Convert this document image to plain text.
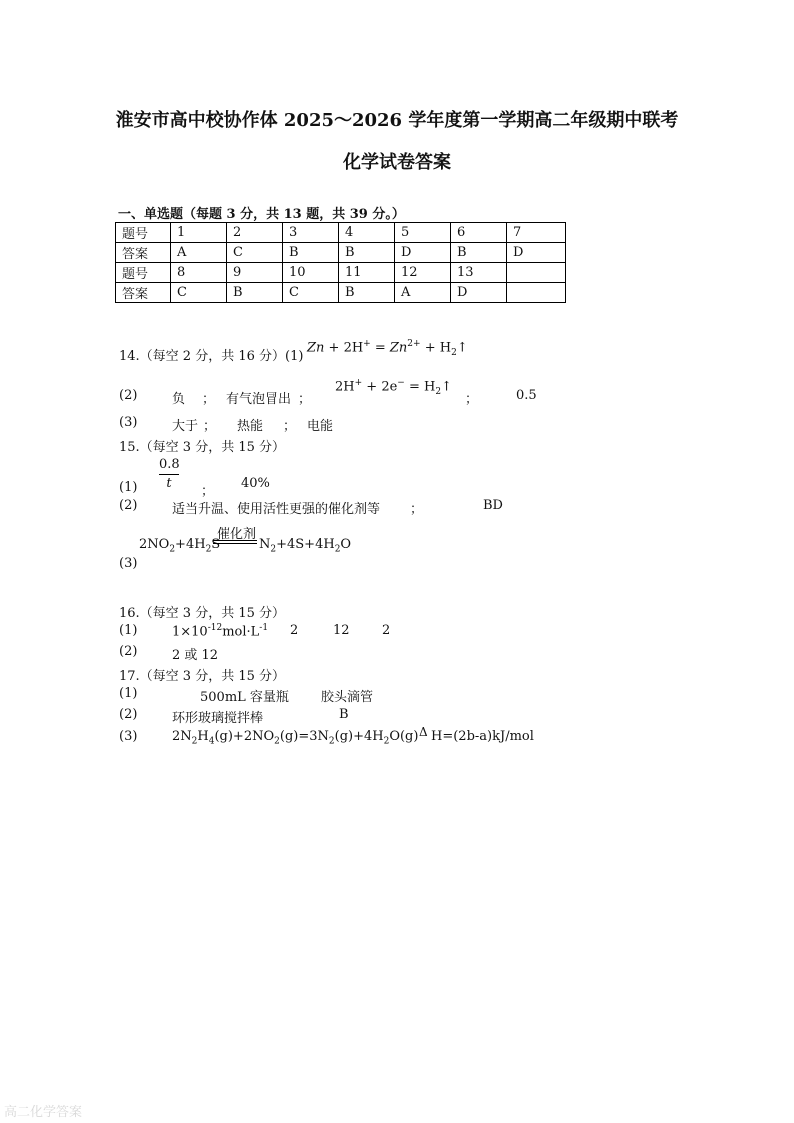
淮安市高中校协作体 2025～2026 学年度第一学期高二年级期中联考
化学试卷答案
一、单选题（每题 3 分，共 13 题，共 39 分。）
题号	1	2	3	4	5	6	7
答案	A	C	B	B	D	B	D
题号	8	9	10	11	12	13	
答案	C	B	C	B	A	D	
14.（每空 2 分，共 16 分）(1)
$Zn + 2H^+ = Zn^{2+}$ + $H_2↑$
(2)	负 ； 有气泡冒出 ；
$2H^+ + 2e^- = H_2↑$
；	0.5
(3)	大于 ； 热能 ； 电能
15.（每空 3 分，共 15 分）
(1)
0.8
t
；
40%
(2)	适当升温、使用活性更强的催化剂等 ；	BD
$2NO_2+4H_2S$
催化剂
$N_2+4S+4H_2O$
(3)
16.（每空 3 分，共 15 分）
(1)	$1\times 10^{-12}mol\cdot L^{-1}$ 2	12 2
(2)	2 或 12
17.（每空 3 分，共 15 分）
(1)	500mL 容量瓶 胶头滴管
(2)	环形玻璃搅拌棒	B
(3)	$2N_2H_4(g)+2NO_2(g)=3N_2(g)+4H_2O(g)$ Δ H=(2b-a)kJ/mol
高二化学答案
